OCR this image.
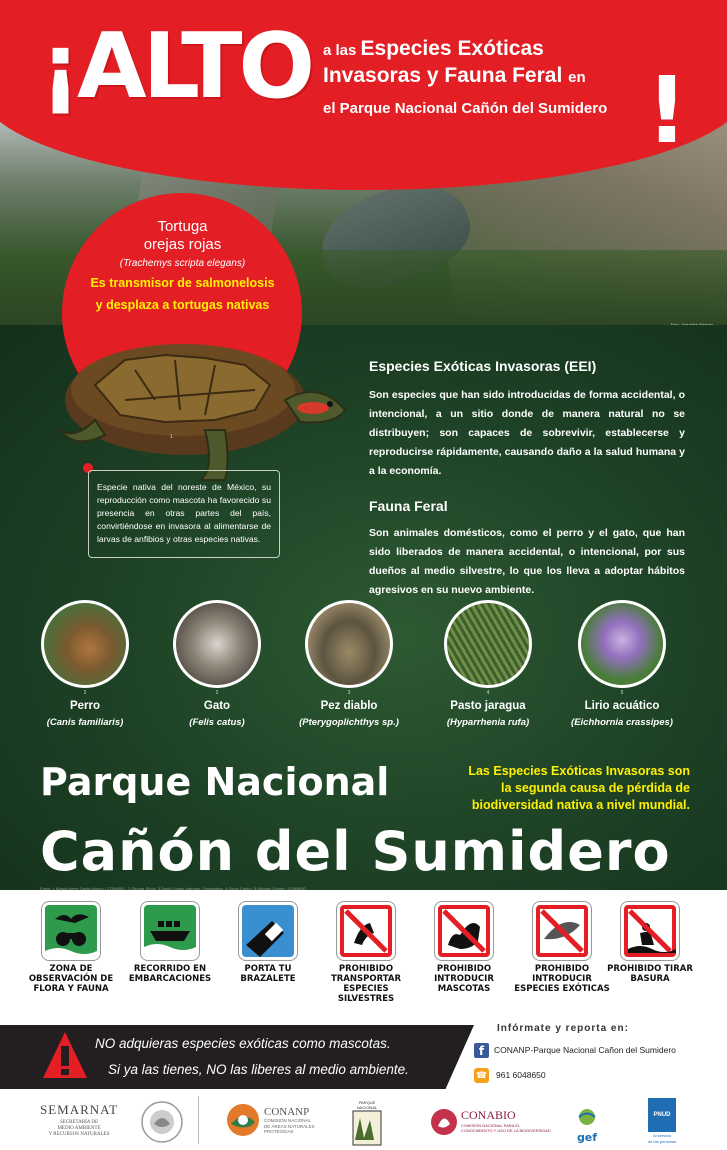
¡ALTO a las Especies Exóticas
Invasoras y Fauna Feral en
el Parque Nacional Cañón del Sumidero !
Tortuga
orejas rojas
(Trachemys scripta elegans)
Es transmisor de salmonelosis
y desplaza a tortugas nativas
1
Especie nativa del noreste de México, su reproducción como mascota ha favorecido su presencia en otras partes del país, convirtiéndose en invasora al alimentarse de larvas de anfibios y otras especies nativas.
Especies Exóticas Invasoras (EEI)
Son especies que han sido introducidas de forma accidental, o intencional, a un sitio donde de manera natural no se distribuyen; son capaces de sobrevivir, establecerse y reproducirse rápidamente, causando daño a la salud humana y a la economía.
Fauna Feral
Son animales domésticos, como el perro y el gato, que han sido liberados de manera accidental, o intencional, por sus dueños al medio silvestre, lo que los lleva a adoptar hábitos agresivos en su nuevo ambiente.
2
Perro
(Canis familiaris)
2
Gato
(Felis catus)
3
Pez diablo
(Pterygoplichthys sp.)
4
Pasto jaragua
(Hyparrhenia rufa)
5
Lirio acuático
(Eichhornia crassipes)
Parque Nacional	Las Especies Exóticas Invasoras son
la segunda causa de pérdida de
biodiversidad nativa a nivel mundial.
Cañón del Sumidero
Fotos: 1 Miguel Angel Garita Alonso / CONABIO, 2 Obrotar Stock, 3 David Ovalle Vasquez / Naturalista, 4 Oscar Castro, 5 Michael Grimm / CONABIO
ZONA DE OBSERVACIÓN DE FLORA Y FAUNA
RECORRIDO EN EMBARCACIONES
PORTA TU BRAZALETE
PROHIBIDO TRANSPORTAR ESPECIES SILVESTRES
PROHIBIDO INTRODUCIR MASCOTAS
PROHIBIDO INTRODUCIR ESPECIES EXÓTICAS
PROHIBIDO TIRAR BASURA
NO adquieras especies exóticas como mascotas.
Si ya las tienes, NO las liberes al medio ambiente.
Infórmate y reporta en:
f	CONANP-Parque Nacional Cañon del Sumidero
☎ 961 6048650
SEMARNAT
SECRETARÍA DE
MEDIO AMBIENTE
Y RECURSOS NATURALES
CONANP
COMISIÓN NACIONAL
DE ÁREAS NATURALES
PROTEGIDAS
PARQUE NACIONAL
CONABIO
COMISIÓN NACIONAL PARA EL
CONOCIMIENTO Y USO DE LA BIODIVERSIDAD
gef
PNUD
Al servicio
de las personas
